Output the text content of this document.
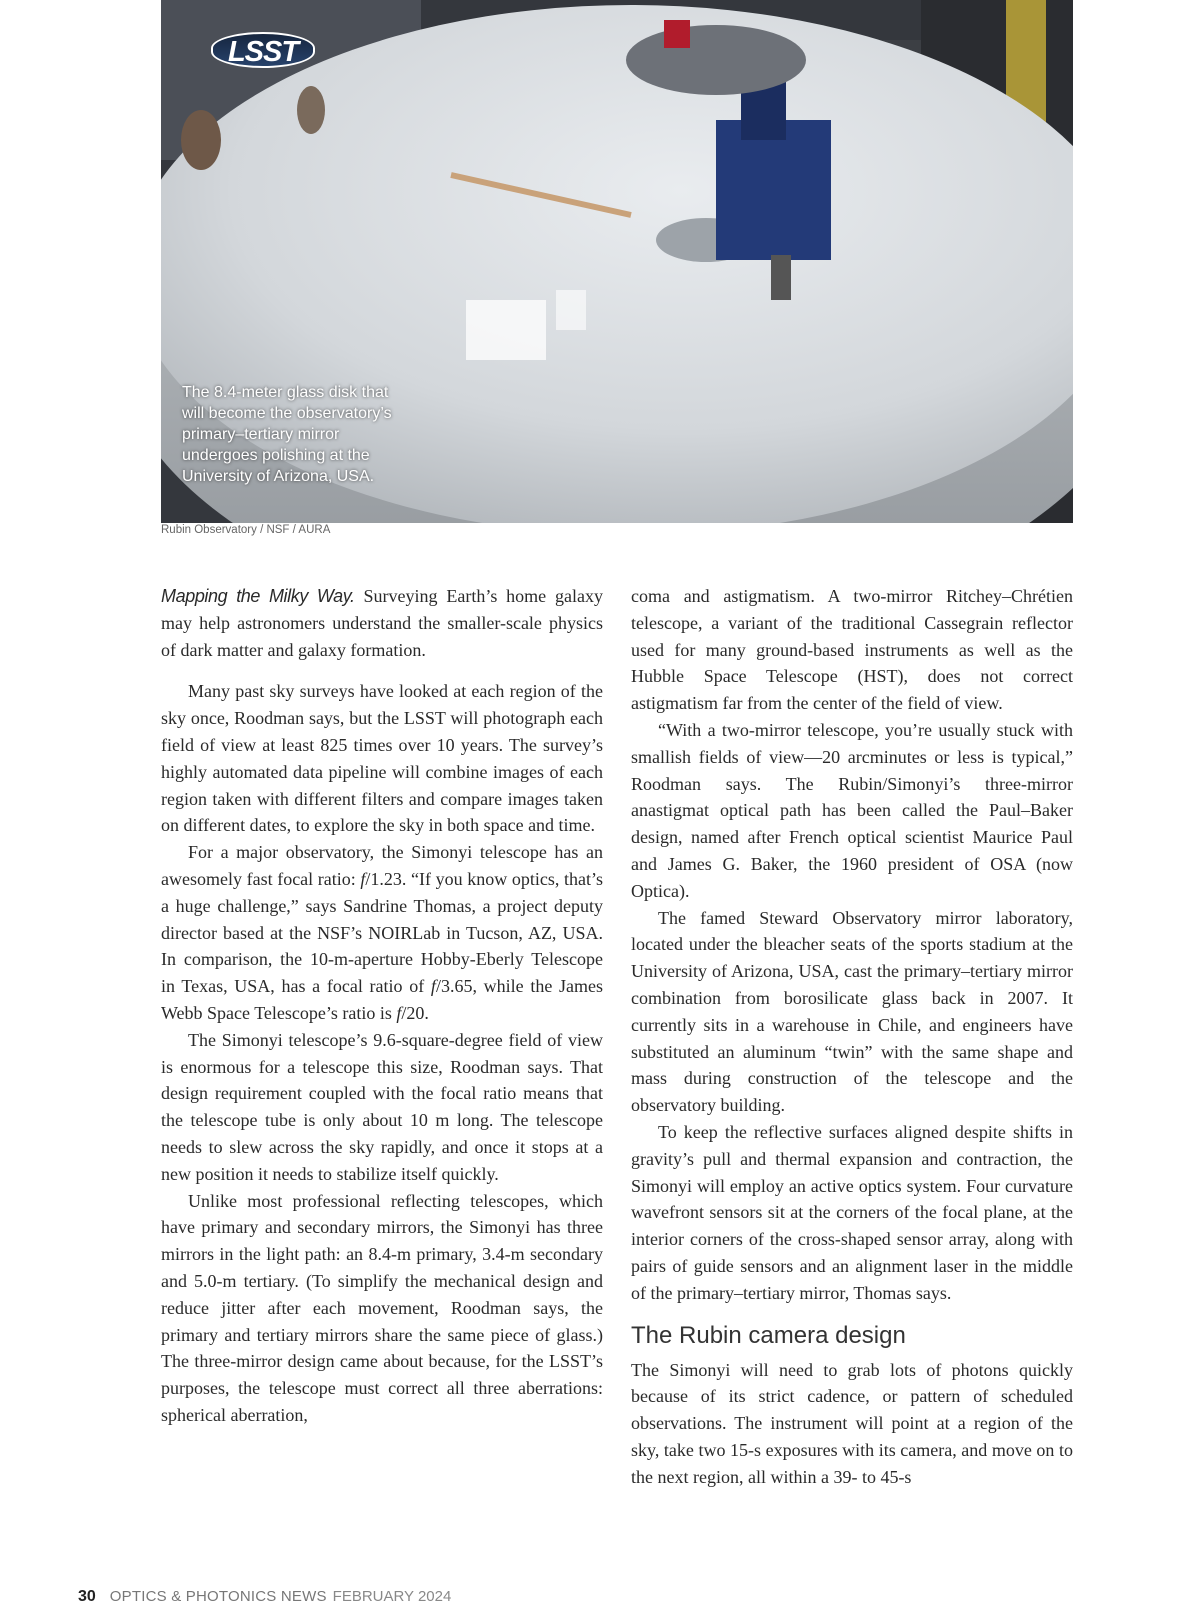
LSST
The 8.4-meter glass disk that will become the observatory’s primary–tertiary mirror undergoes polishing at the University of Arizona, USA.
Rubin Observatory / NSF / AURA

Mapping the Milky Way. Surveying Earth’s home galaxy may help astronomers understand the smaller-scale physics of dark matter and galaxy formation.

Many past sky surveys have looked at each region of the sky once, Roodman says, but the LSST will photograph each field of view at least 825 times over 10 years. The survey’s highly automated data pipeline will combine images of each region taken with different filters and compare images taken on different dates, to explore the sky in both space and time.

For a major observatory, the Simonyi telescope has an awesomely fast focal ratio: f/1.23. “If you know optics, that’s a huge challenge,” says Sandrine Thomas, a project deputy director based at the NSF’s NOIRLab in Tucson, AZ, USA. In comparison, the 10-m-aperture Hobby-Eberly Telescope in Texas, USA, has a focal ratio of f/3.65, while the James Webb Space Telescope’s ratio is f/20.

The Simonyi telescope’s 9.6-square-degree field of view is enormous for a telescope this size, Roodman says. That design requirement coupled with the focal ratio means that the telescope tube is only about 10 m long. The telescope needs to slew across the sky rapidly, and once it stops at a new position it needs to stabilize itself quickly.

Unlike most professional reflecting telescopes, which have primary and secondary mirrors, the Simonyi has three mirrors in the light path: an 8.4-m primary, 3.4-m secondary and 5.0-m tertiary. (To simplify the mechanical design and reduce jitter after each movement, Roodman says, the primary and tertiary mirrors share the same piece of glass.) The three-mirror design came about because, for the LSST’s purposes, the telescope must correct all three aberrations: spherical aberration,

coma and astigmatism. A two-mirror Ritchey–Chrétien telescope, a variant of the traditional Cassegrain reflector used for many ground-based instruments as well as the Hubble Space Telescope (HST), does not correct astigmatism far from the center of the field of view.

“With a two-mirror telescope, you’re usually stuck with smallish fields of view—20 arcminutes or less is typical,” Roodman says. The Rubin/Simonyi’s three-mirror anastigmat optical path has been called the Paul–Baker design, named after French optical scientist Maurice Paul and James G. Baker, the 1960 president of OSA (now Optica).

The famed Steward Observatory mirror laboratory, located under the bleacher seats of the sports stadium at the University of Arizona, USA, cast the primary–tertiary mirror combination from borosilicate glass back in 2007. It currently sits in a warehouse in Chile, and engineers have substituted an aluminum “twin” with the same shape and mass during construction of the telescope and the observatory building.

To keep the reflective surfaces aligned despite shifts in gravity’s pull and thermal expansion and contraction, the Simonyi will employ an active optics system. Four curvature wavefront sensors sit at the corners of the focal plane, at the interior corners of the cross-shaped sensor array, along with pairs of guide sensors and an alignment laser in the middle of the primary–tertiary mirror, Thomas says.

The Rubin camera design

The Simonyi will need to grab lots of photons quickly because of its strict cadence, or pattern of scheduled observations. The instrument will point at a region of the sky, take two 15-s exposures with its camera, and move on to the next region, all within a 39- to 45-s

30 OPTICS & PHOTONICS NEWS FEBRUARY 2024
